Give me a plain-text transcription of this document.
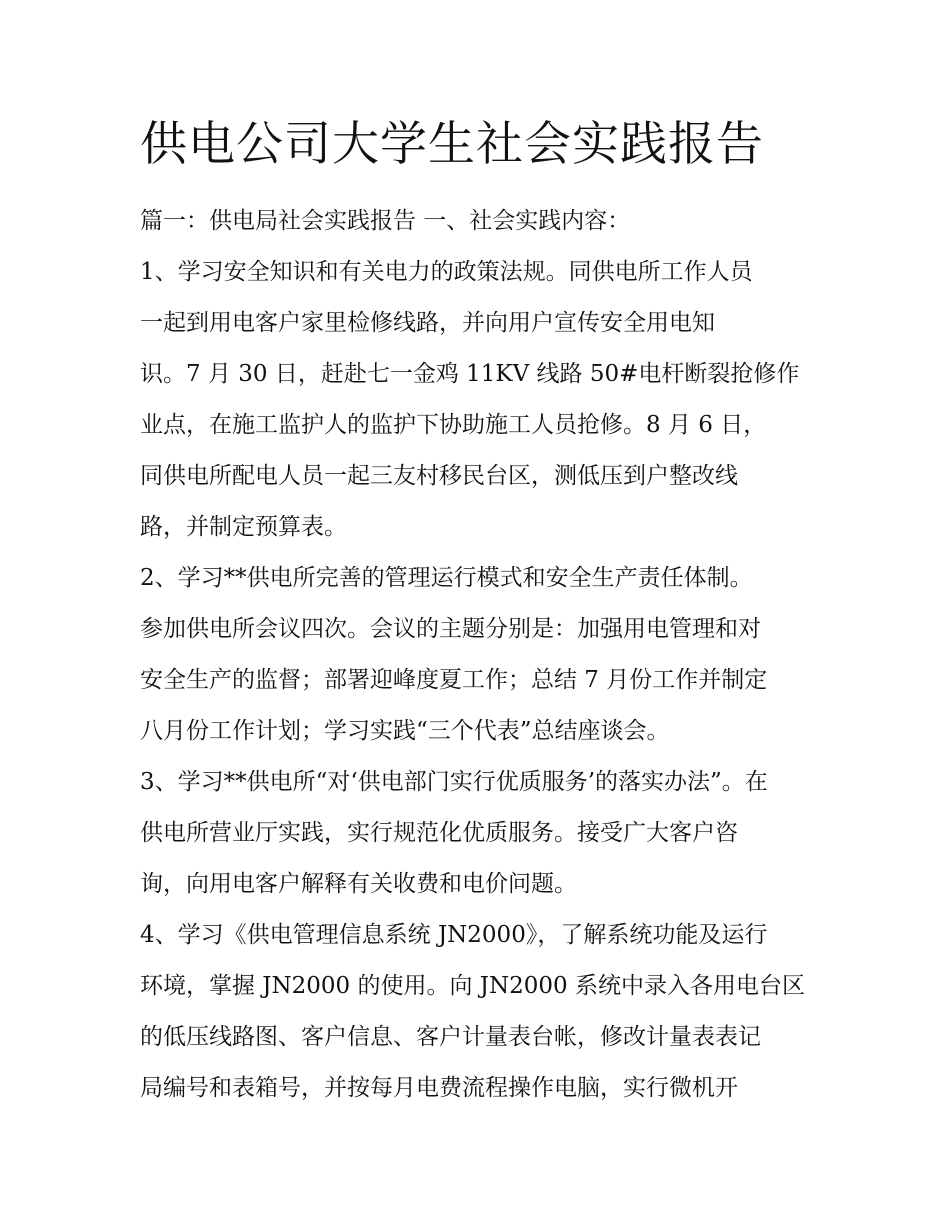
供电公司大学生社会实践报告

篇一：供电局社会实践报告 一、社会实践内容：

1、学习安全知识和有关电力的政策法规。同供电所工作人员

一起到用电客户家里检修线路，并向用户宣传安全用电知

识。7 月 30 日，赶赴七一金鸡 11KV 线路 50#电杆断裂抢修作

业点，在施工监护人的监护下协助施工人员抢修。8 月 6 日，

同供电所配电人员一起三友村移民台区，测低压到户整改线

路，并制定预算表。

2、学习**供电所完善的管理运行模式和安全生产责任体制。

参加供电所会议四次。会议的主题分别是：加强用电管理和对

安全生产的监督；部署迎峰度夏工作；总结 7 月份工作并制定

八月份工作计划；学习实践“三个代表”总结座谈会。

3、学习**供电所“对‘供电部门实行优质服务’的落实办法”。在

供电所营业厅实践，实行规范化优质服务。接受广大客户咨

询，向用电客户解释有关收费和电价问题。

4、学习《供电管理信息系统 JN2000》，了解系统功能及运行

环境，掌握 JN2000 的使用。向 JN2000 系统中录入各用电台区

的低压线路图、客户信息、客户计量表台帐，修改计量表表记

局编号和表箱号，并按每月电费流程操作电脑，实行微机开
